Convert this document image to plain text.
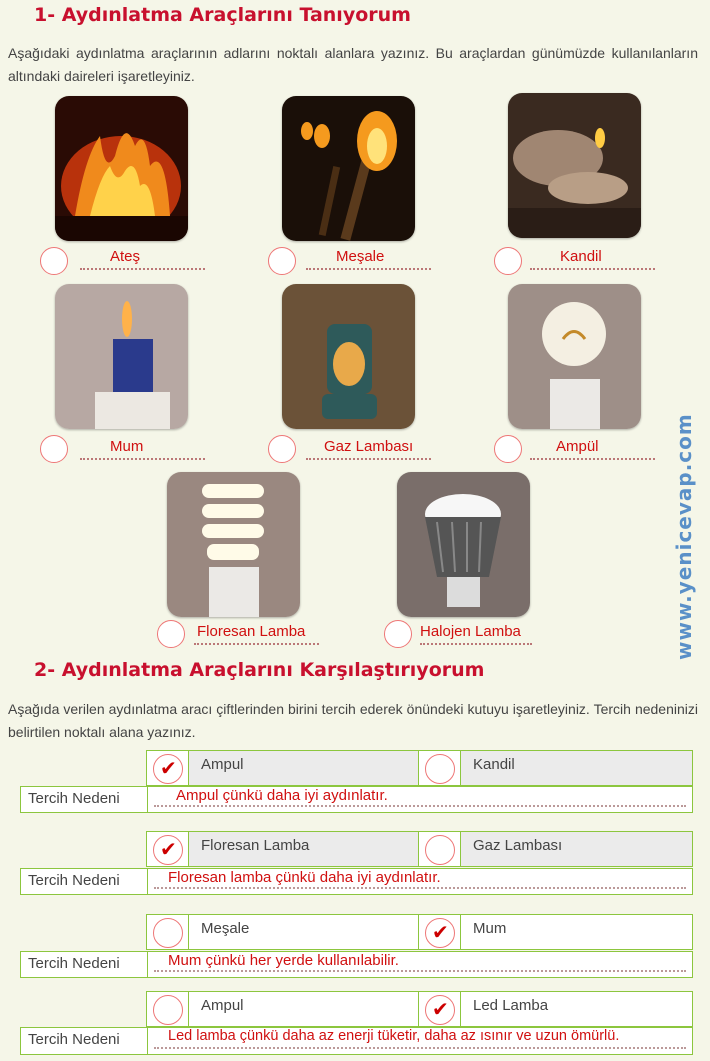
1- Aydınlatma Araçlarını Tanıyorum
Aşağıdaki aydınlatma araçlarının adlarını noktalı alanlara yazınız. Bu araçlardan günümüzde kullanılanların altındaki daireleri işaretleyiniz.
Ateş	Meşale	Kandil
Mum	Gaz Lambası	Ampül
Floresan Lamba	Halojen Lamba	www.yenicevap.com
2- Aydınlatma Araçlarını Karşılaştırıyorum
Aşağıda verilen aydınlatma aracı çiftlerinden birini tercih ederek önündeki kutuyu işaretleyiniz. Tercih nedeninizi belirtilen noktalı alana yazınız.
✔ Ampul	Kandil
Tercih Nedeni	Ampul çünkü daha iyi aydınlatır.
✔ Floresan Lamba	Gaz Lambası
Tercih Nedeni	Floresan lamba çünkü daha iyi aydınlatır.
Meşale	✔ Mum
Tercih Nedeni	Mum çünkü her yerde kullanılabilir.
Ampul	✔ Led Lamba
Tercih Nedeni	Led lamba çünkü daha az enerji tüketir, daha az ısınır ve uzun ömürlü.
